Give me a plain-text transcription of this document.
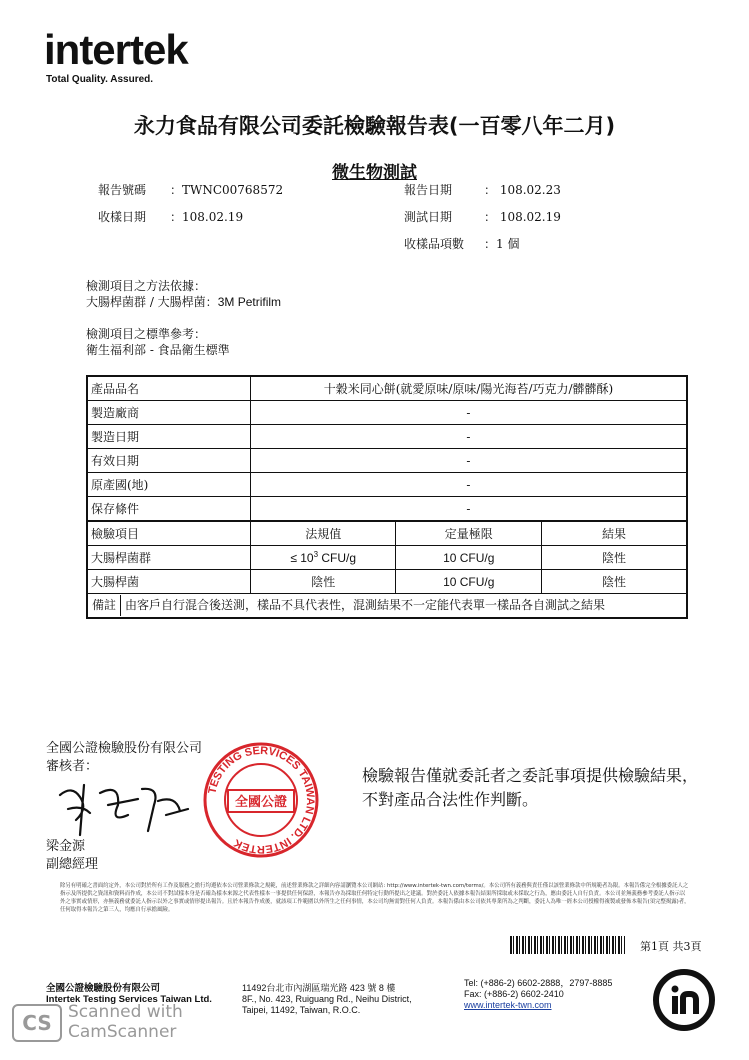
intertek
Total Quality. Assured.
永力食品有限公司委託檢驗報告表(一百零八年二月)
微生物測試
報告號碼 ：TWNC00768572	報告日期	： 108.02.23
收樣日期 ：108.02.19	測試日期	： 108.02.19
收樣品項數 ：1 個
檢測項目之方法依據：
大腸桿菌群 / 大腸桿菌：3M Petrifilm
檢測項目之標準參考：
衛生福利部 - 食品衛生標準
產品品名	十穀米同心餅(就愛原味/原味/陽光海苔/巧克力/髒髒酥)		
製造廠商	-		
製造日期	-		
有效日期	-		
原產國(地)	-		
保存條件	-		
檢驗項目	法規值	定量極限	結果
大腸桿菌群	≤ $10^3$ CFU/g	10 CFU/g	陰性
大腸桿菌	陰性	10 CFU/g	陰性
備註 由客戶自行混合後送測，樣品不具代表性，混測結果不一定能代表單一樣品各自測試之結果			
全國公證檢驗股份有限公司
審核者：
TESTING SERVICES TAIWAN LTD. INTERTEK
全國公證
梁金源
副總經理
檢驗報告僅就委託者之委託事項提供檢驗結果，不對產品合法性作判斷。
除另有明確之書面約定外，本公司對於所有工作及服務之擔行均遵依本公司營業條款之規範，前述營業條款之詳細內容請瀏覽本公司網站: http://www.intertek-twn.com/terms/。本公司所有義務與責任僅以該營業條款中所規範者為限。本報告係完全根據委託人之指示及所提供之資訊和資料而作成，本公司不對試樣本身是否確為樣本來源之代表性樣本一事提供任何保證，本報告亦為採取任何特定行動所提出之建議。對於委託人依據本報告結果所採取或未採取之行為，應由委託人自行負責。本公司並無義務參考委託人指示以外之事實或情形，亦無義務就委託人指示以外之事實或情形提出報告。且於本報告作成後，就該項工作範圍以外所生之任何事情，本公司均無需對任何人負責。本報告係由本公司依其專業所為之判斷，委託人為唯一經本公司授權得複製或發佈本報告(須完整揭露)者，任何取得本報告之第三人，均應自行承擔風險。
第1頁 共3頁
全國公證檢驗股份有限公司
Intertek Testing Services Taiwan Ltd.
11492台北市內湖區瑞光路 423 號 8 樓
8F., No. 423, Ruiguang Rd., Neihu District,
Taipei, 11492, Taiwan, R.O.C.
Tel: (+886-2) 6602-2888，2797-8885
Fax: (+886-2) 6602-2410
www.intertek-twn.com
CS Scanned with
CamScanner
